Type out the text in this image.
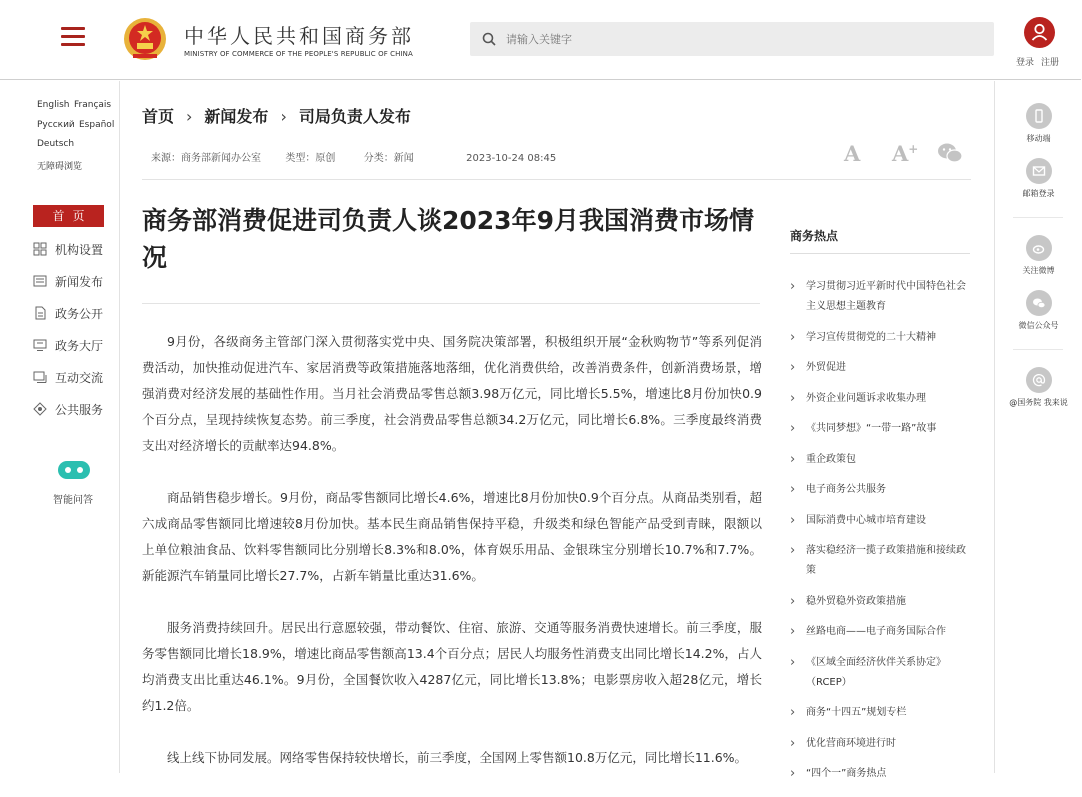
中华人民共和国商务部
MINISTRY OF COMMERCE OF THE PEOPLE'S REPUBLIC OF CHINA
请输入关键字
登录 注册
English Français
Русский Español
Deutsch
无障碍浏览
首页
机构设置
新闻发布
政务公开
政务大厅
互动交流
公共服务
智能问答
移动端
邮箱登录
关注微博
微信公众号
@国务院 我来说
首页 › 新闻发布 › 司局负责人发布
来源：商务部新闻办公室 类型：原创	分类：新闻	2023-10-24 08:45	A A+
商务部消费促进司负责人谈2023年9月我国消费市场情况

9月份，各级商务主管部门深入贯彻落实党中央、国务院决策部署，积极组织开展“金秋购物节”等系列促消费活动，加快推动促进汽车、家居消费等政策措施落地落细，优化消费供给，改善消费条件，创新消费场景，增强消费对经济发展的基础性作用。当月社会消费品零售总额3.98万亿元，同比增长5.5%，增速比8月份加快0.9个百分点，呈现持续恢复态势。前三季度，社会消费品零售总额34.2万亿元，同比增长6.8%。三季度最终消费支出对经济增长的贡献率达94.8%。

商品销售稳步增长。9月份，商品零售额同比增长4.6%，增速比8月份加快0.9个百分点。从商品类别看，超六成商品零售额同比增速较8月份加快。基本民生商品销售保持平稳，升级类和绿色智能产品受到青睐，限额以上单位粮油食品、饮料零售额同比分别增长8.3%和8.0%，体育娱乐用品、金银珠宝分别增长10.7%和7.7%。新能源汽车销量同比增长27.7%，占新车销量比重达31.6%。

服务消费持续回升。居民出行意愿较强，带动餐饮、住宿、旅游、交通等服务消费快速增长。前三季度，服务零售额同比增长18.9%，增速比商品零售额高13.4个百分点；居民人均服务性消费支出同比增长14.2%，占人均消费支出比重达46.1%。9月份，全国餐饮收入4287亿元，同比增长13.8%；电影票房收入超28亿元，增长约1.2倍。

线上线下协同发展。网络零售保持较快增长，前三季度，全国网上零售额10.8万亿元，同比增长11.6%。

商务热点
› 学习贯彻习近平新时代中国特色社会主义思想主题教育
› 学习宣传贯彻党的二十大精神
› 外贸促进
› 外资企业问题诉求收集办理
› 《共同梦想》“一带一路”故事
› 重企政策包
› 电子商务公共服务
› 国际消费中心城市培育建设
› 落实稳经济一揽子政策措施和接续政策
› 稳外贸稳外资政策措施
› 丝路电商——电子商务国际合作
› 《区域全面经济伙伴关系协定》（RCEP）
› 商务“十四五”规划专栏
› 优化营商环境进行时
› “四个一”商务热点
